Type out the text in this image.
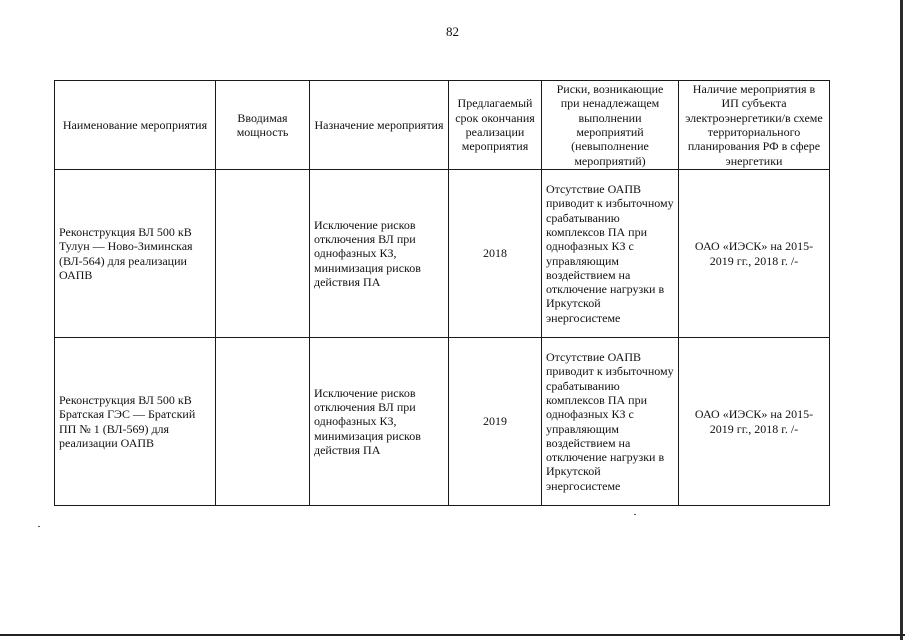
82
Наименование мероприятия	Вводимая мощность	Назначение мероприятия	Предлагаемый срок окончания реализации мероприятия	Риски, возникающие при ненадлежащем выполнении мероприятий (невыполнение мероприятий)	Наличие мероприятия в ИП субъекта электроэнергетики/в схеме территориального планирования РФ в сфере энергетики
Реконструкция ВЛ 500 кВ Тулун — Ново-Зиминская (ВЛ-564) для реализации ОАПВ		Исключение рисков отключения ВЛ при однофазных КЗ, минимизация рисков действия ПА	2018	Отсутствие ОАПВ приводит к избыточному срабатыванию комплексов ПА при однофазных КЗ с управляющим воздействием на отключение нагрузки в Иркутской энергосистеме	ОАО «ИЭСК» на 2015-2019 гг., 2018 г. /-
Реконструкция ВЛ 500 кВ Братская ГЭС — Братский ПП № 1 (ВЛ-569) для реализации ОАПВ		Исключение рисков отключения ВЛ при однофазных КЗ, минимизация рисков действия ПА	2019	Отсутствие ОАПВ приводит к избыточному срабатыванию комплексов ПА при однофазных КЗ с управляющим воздействием на отключение нагрузки в Иркутской энергосистеме	ОАО «ИЭСК» на 2015-2019 гг., 2018 г. /-
